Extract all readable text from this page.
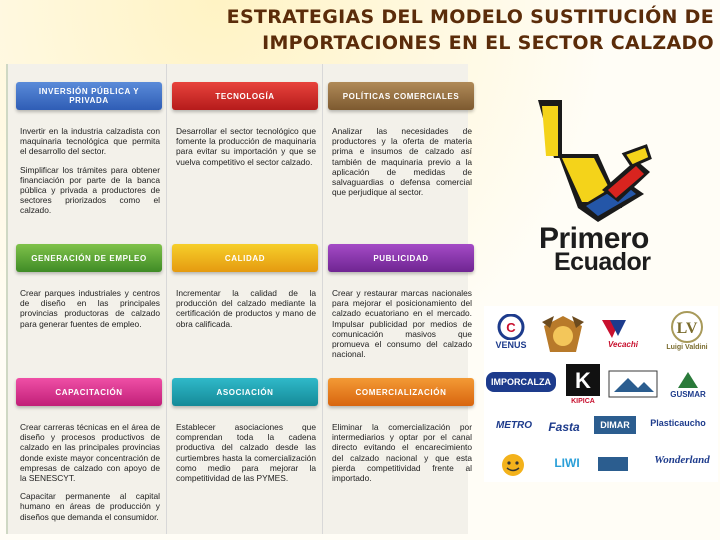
ESTRATEGIAS DEL MODELO SUSTITUCIÓN DE
IMPORTACIONES EN EL SECTOR CALZADO
INVERSIÓN PÚBLICA Y PRIVADA

Invertir en la industria calzadista con maquinaria tecnológica que permita el desarrollo del sector.

Simplificar los trámites para obtener financiación por parte de la banca pública y privada a productores de sectores priorizados como el calzado.

GENERACIÓN DE EMPLEO

Crear parques industriales y centros de diseño en las principales provincias productoras de calzado para generar fuentes de empleo.

CAPACITACIÓN

Crear carreras técnicas en el área de diseño y procesos productivos de calzado en las principales provincias donde existe mayor concentración de empresas de calzado con apoyo de la SENESCYT.

Capacitar permanente al capital humano en áreas de producción y diseños que demanda el consumidor.

TECNOLOGÍA

Desarrollar el sector tecnológico que fomente la producción de maquinaria para evitar su importación y que se vuelva competitivo el sector calzado.

CALIDAD

Incrementar la calidad de la producción del calzado mediante la certificación de productos y mano de obra calificada.

ASOCIACIÓN

Establecer asociaciones que comprendan toda la cadena productiva del calzado desde las curtiembres hasta la comercialización como medio para mejorar la competitividad de las PYMES.

POLÍTICAS COMERCIALES

Analizar las necesidades de productores y la oferta de materia prima e insumos de calzado así también de maquinaria previo a la aplicación de medidas de salvaguardias o defensa comercial que perjudique al sector.

PUBLICIDAD

Crear y restaurar marcas nacionales para mejorar el posicionamiento del calzado ecuatoriano en el mercado. Impulsar publicidad por medios de comunicación masivos que promueva el consumo del calzado nacional.

COMERCIALIZACIÓN

Eliminar la comercialización por intermediarios y optar por el canal directo evitando el encarecimiento del calzado nacional y que esta pierda competitividad frente al importado.

Primero
Ecuador
C
VENUS	Vecachi
LV
Luigi Valdini
IMPORCALZA K
KIPICA
GUSMAR
METRO	Fasta	DIMAR	Plasticaucho
LIWI	Wonderland
